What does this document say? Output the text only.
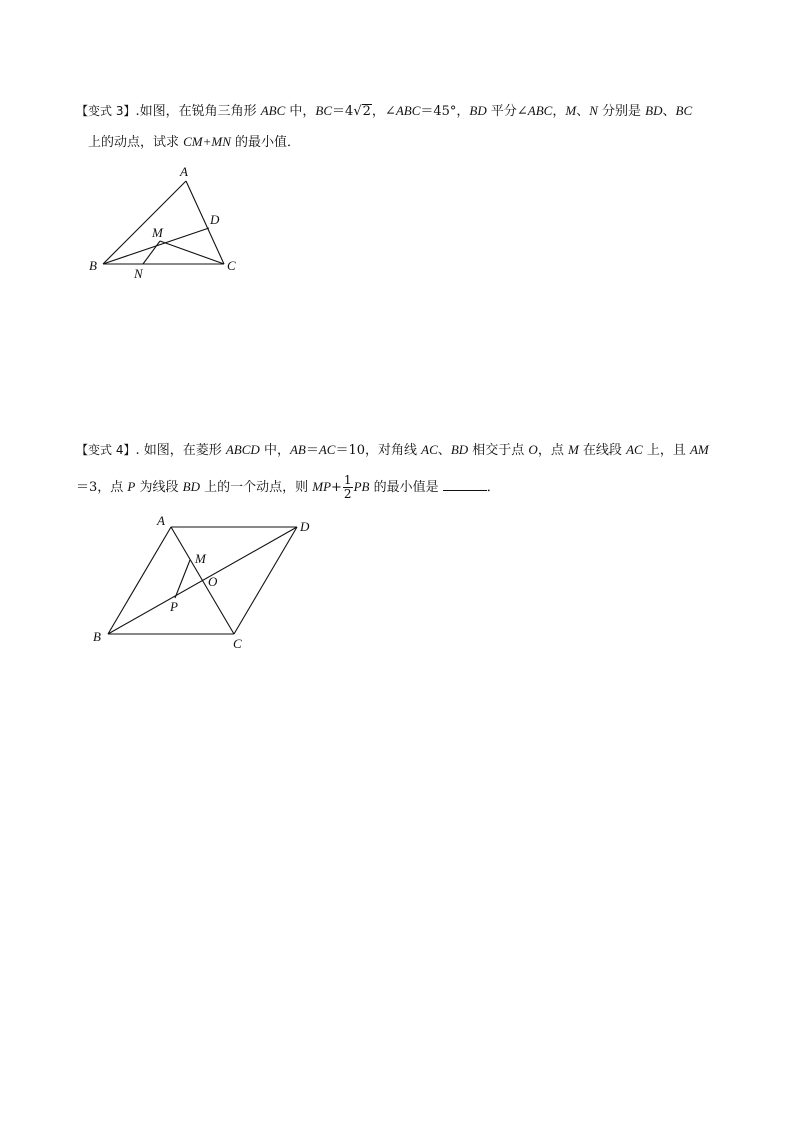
【变式 3】.如图，在锐角三角形 ABC 中，BC＝4√2，∠ABC＝45°，BD 平分∠ABC，M、N 分别是 BD、BC
上的动点，试求 CM+MN 的最小值．
A
B	C
D
M
N
A
B	C
D
M
O
P
【变式 4】. 如图，在菱形 ABCD 中，AB＝AC＝10，对角线 AC、BD 相交于点 O，点 M 在线段 AC 上，且 AM
＝3，点 P 为线段 BD 上的一个动点，则 $MP+ \frac{1}{2}$ PB 的最小值是	．
